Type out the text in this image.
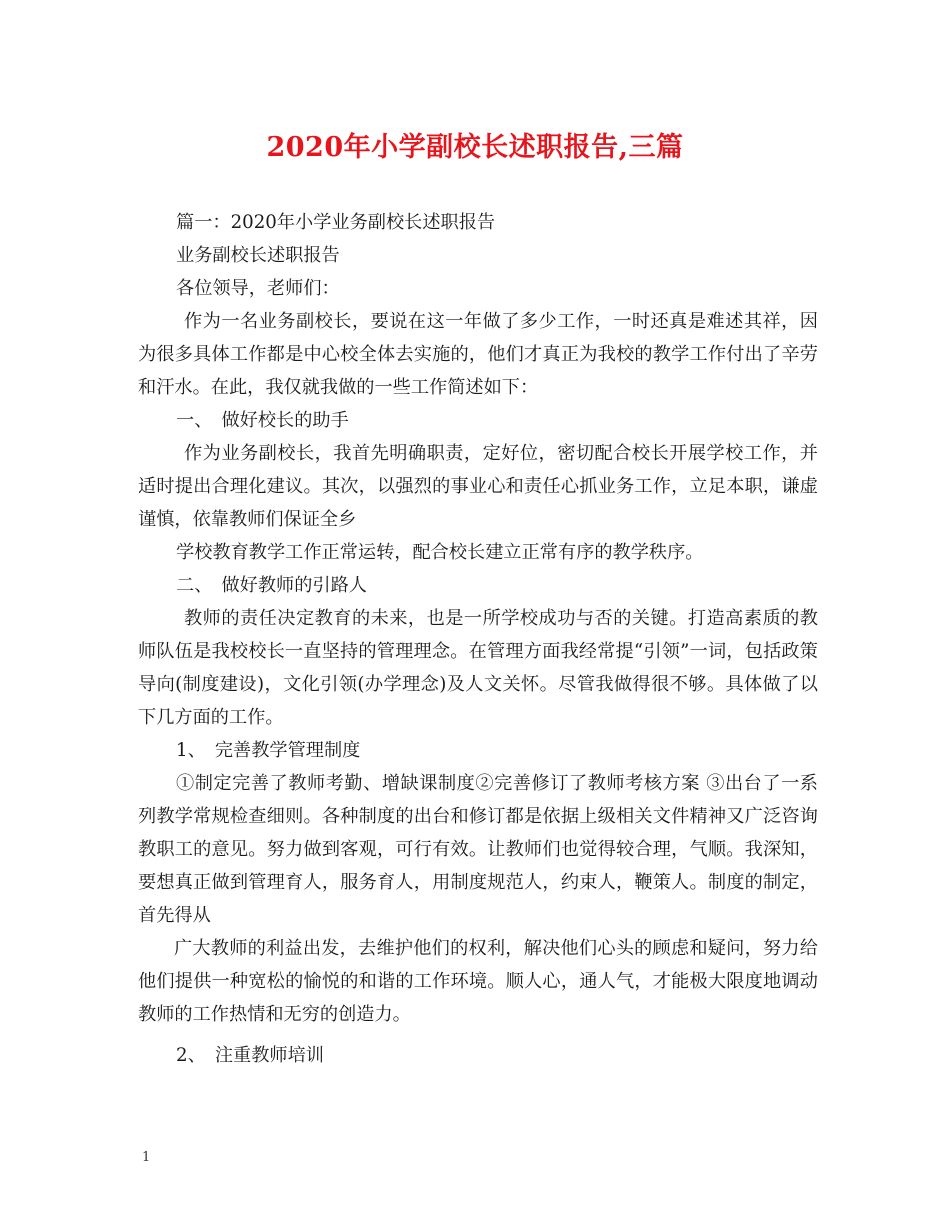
2020年小学副校长述职报告,三篇

篇一：2020年小学业务副校长述职报告

业务副校长述职报告

各位领导，老师们：

作为一名业务副校长，要说在这一年做了多少工作，一时还真是难述其祥，因为很多具体工作都是中心校全体去实施的，他们才真正为我校的教学工作付出了辛劳和汗水。在此，我仅就我做的一些工作简述如下：

一、　做好校长的助手

作为业务副校长，我首先明确职责，定好位，密切配合校长开展学校工作，并适时提出合理化建议。其次，以强烈的事业心和责任心抓业务工作，立足本职，谦虚谨慎，依靠教师们保证全乡

学校教育教学工作正常运转，配合校长建立正常有序的教学秩序。

二、　做好教师的引路人

教师的责任决定教育的未来，也是一所学校成功与否的关键。打造高素质的教师队伍是我校校长一直坚持的管理理念。在管理方面我经常提“引领”一词，包括政策导向(制度建设)，文化引领(办学理念)及人文关怀。尽管我做得很不够。具体做了以下几方面的工作。

1、　完善教学管理制度

①制定完善了教师考勤、增缺课制度②完善修订了教师考核方案 ③出台了一系列教学常规检查细则。各种制度的出台和修订都是依据上级相关文件精神又广泛咨询教职工的意见。努力做到客观，可行有效。让教师们也觉得较合理，气顺。我深知，要想真正做到管理育人，服务育人，用制度规范人，约束人，鞭策人。制度的制定，首先得从

广大教师的利益出发，去维护他们的权利，解决他们心头的顾虑和疑问，努力给他们提供一种宽松的愉悦的和谐的工作环境。顺人心，通人气，才能极大限度地调动教师的工作热情和无穷的创造力。

2、　注重教师培训

1
